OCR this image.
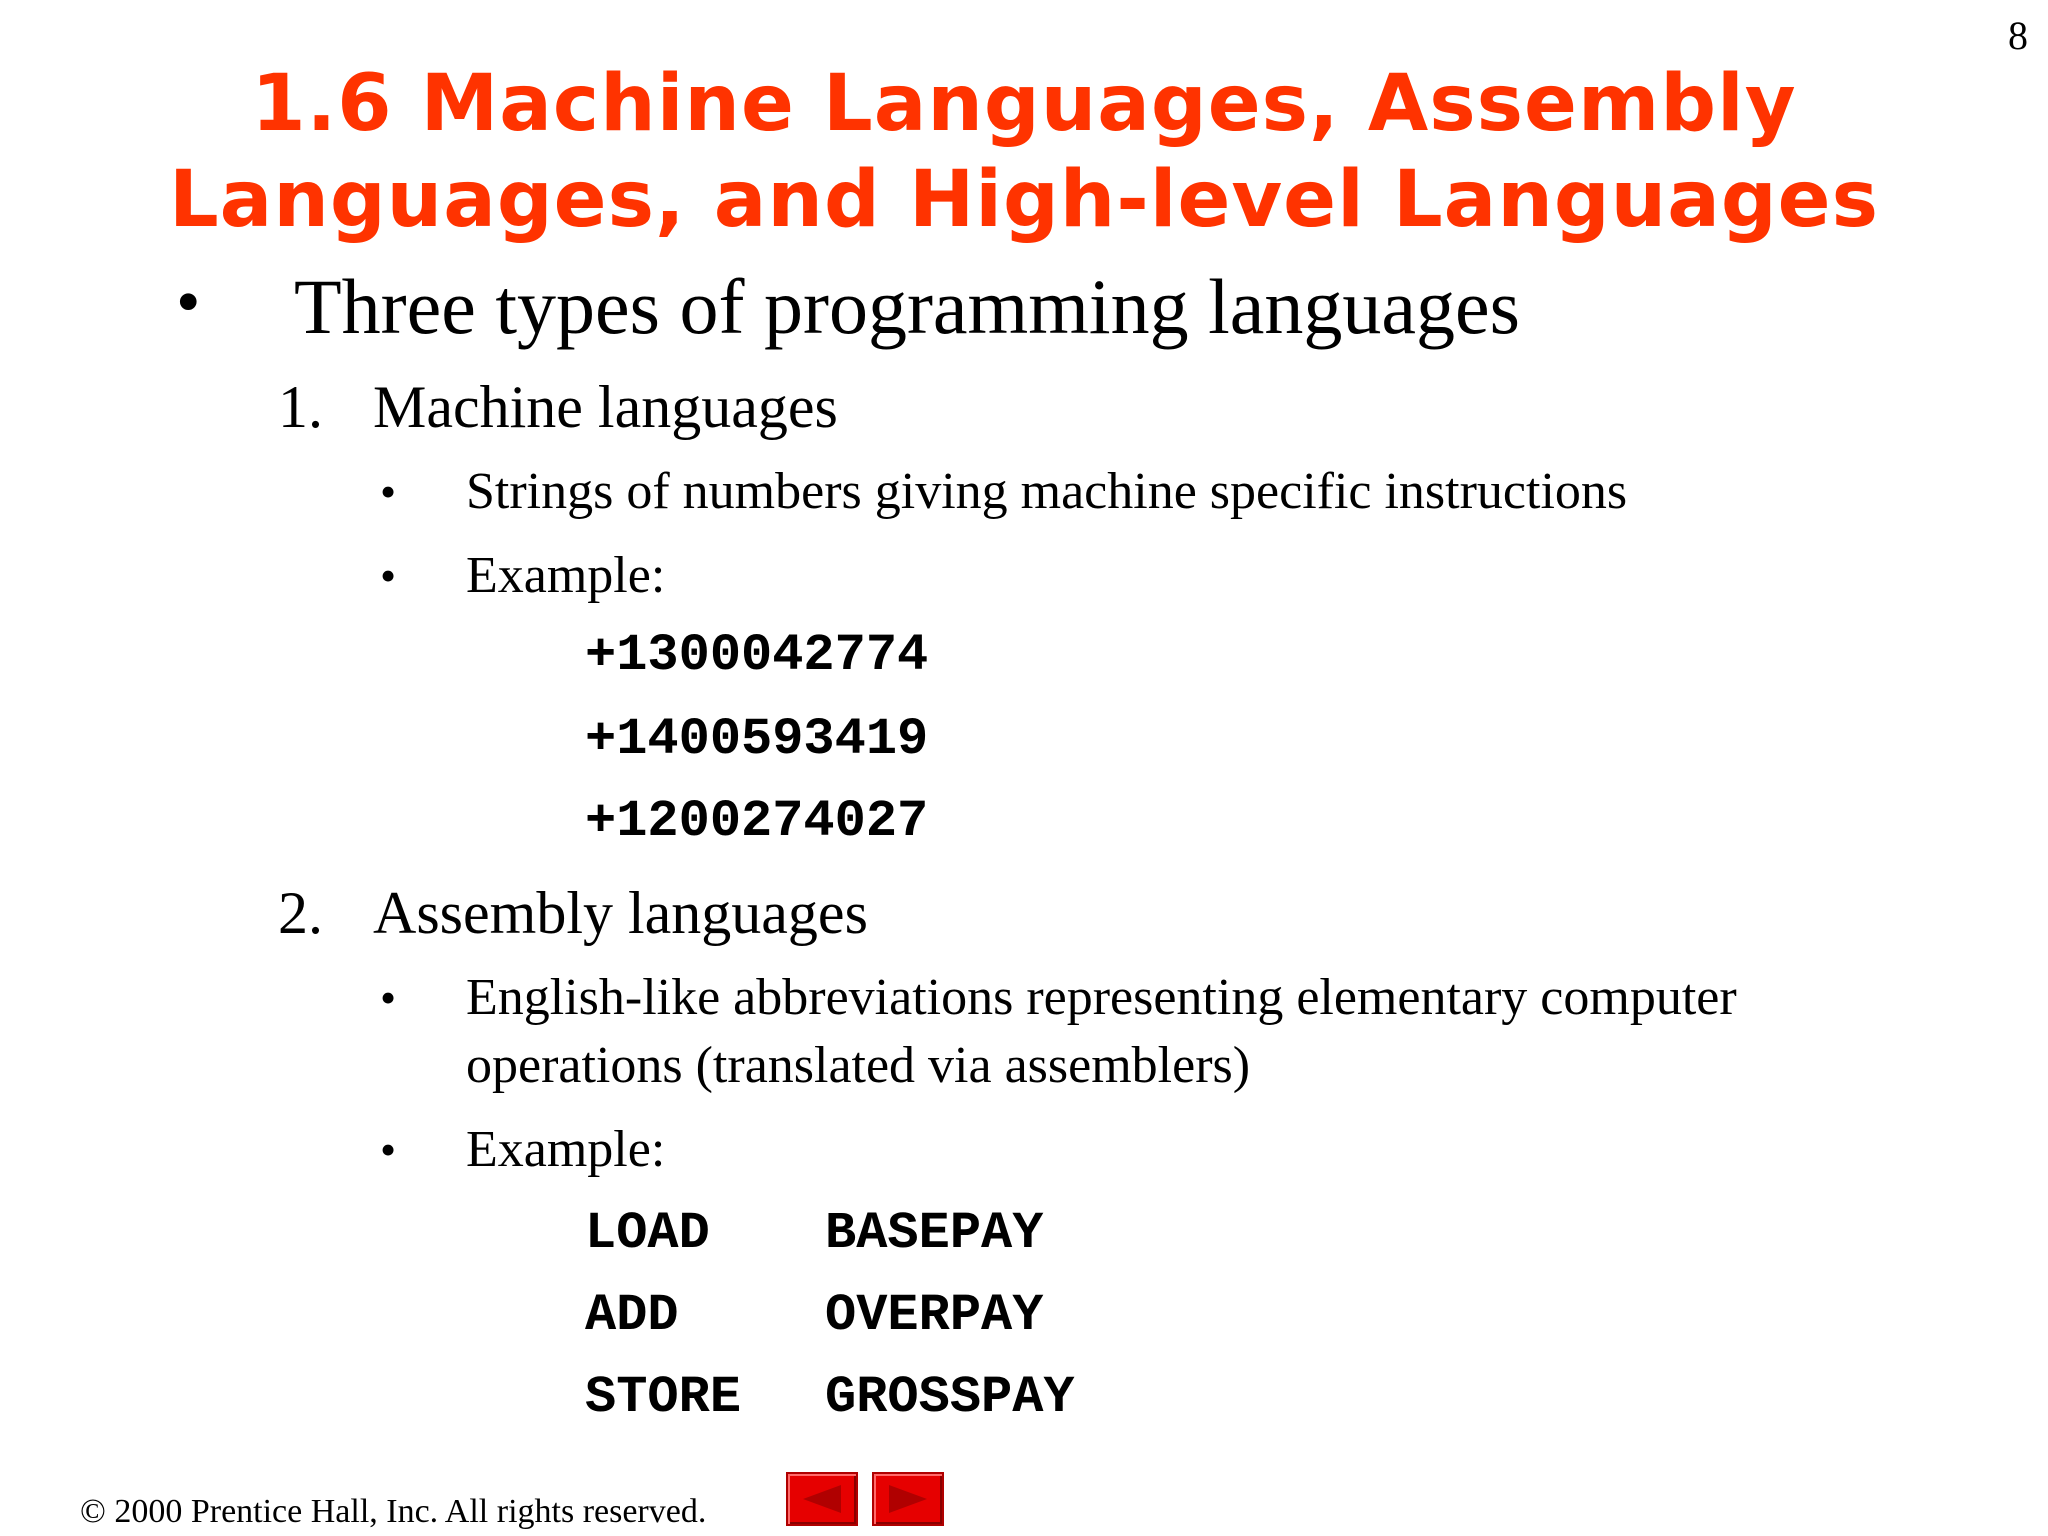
8
1.6 Machine Languages, Assembly
Languages, and High-level Languages
• Three types of programming languages
1. Machine languages
• Strings of numbers giving machine specific instructions
• Example:
+1300042774
+1400593419
+1200274027
2. Assembly languages
• English-like abbreviations representing elementary computer
operations (translated via assemblers)
• Example:
LOAD BASEPAY
ADD	OVERPAY
STORE GROSSPAY
© 2000 Prentice Hall, Inc. All rights reserved.
